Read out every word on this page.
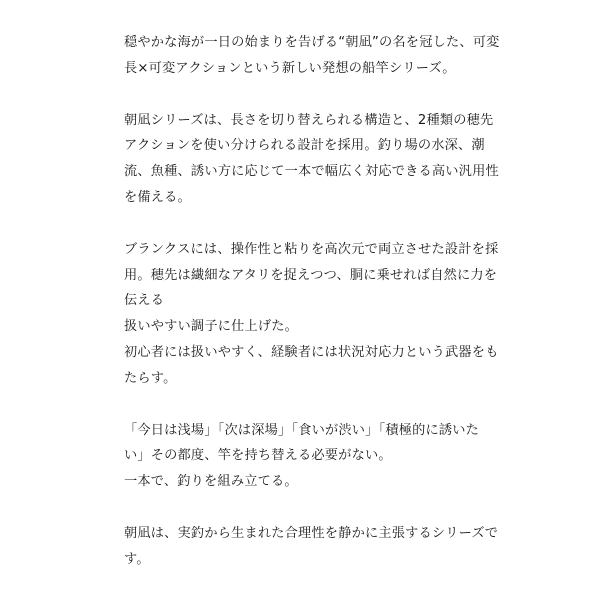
穏やかな海が一日の始まりを告げる“朝凪”の名を冠した、可変
長×可変アクションという新しい発想の船竿シリーズ。
朝凪シリーズは、長さを切り替えられる構造と、2種類の穂先
アクションを使い分けられる設計を採用。釣り場の水深、潮
流、魚種、誘い方に応じて一本で幅広く対応できる高い汎用性
を備える。
ブランクスには、操作性と粘りを高次元で両立させた設計を採
用。穂先は繊細なアタリを捉えつつ、胴に乗せれば自然に力を
伝える
扱いやすい調子に仕上げた。
初心者には扱いやすく、経験者には状況対応力という武器をも
たらす。
「今日は浅場」「次は深場」「食いが渋い」「積極的に誘いた
い」その都度、竿を持ち替える必要がない。
一本で、釣りを組み立てる。
朝凪は、実釣から生まれた合理性を静かに主張するシリーズで
す。
